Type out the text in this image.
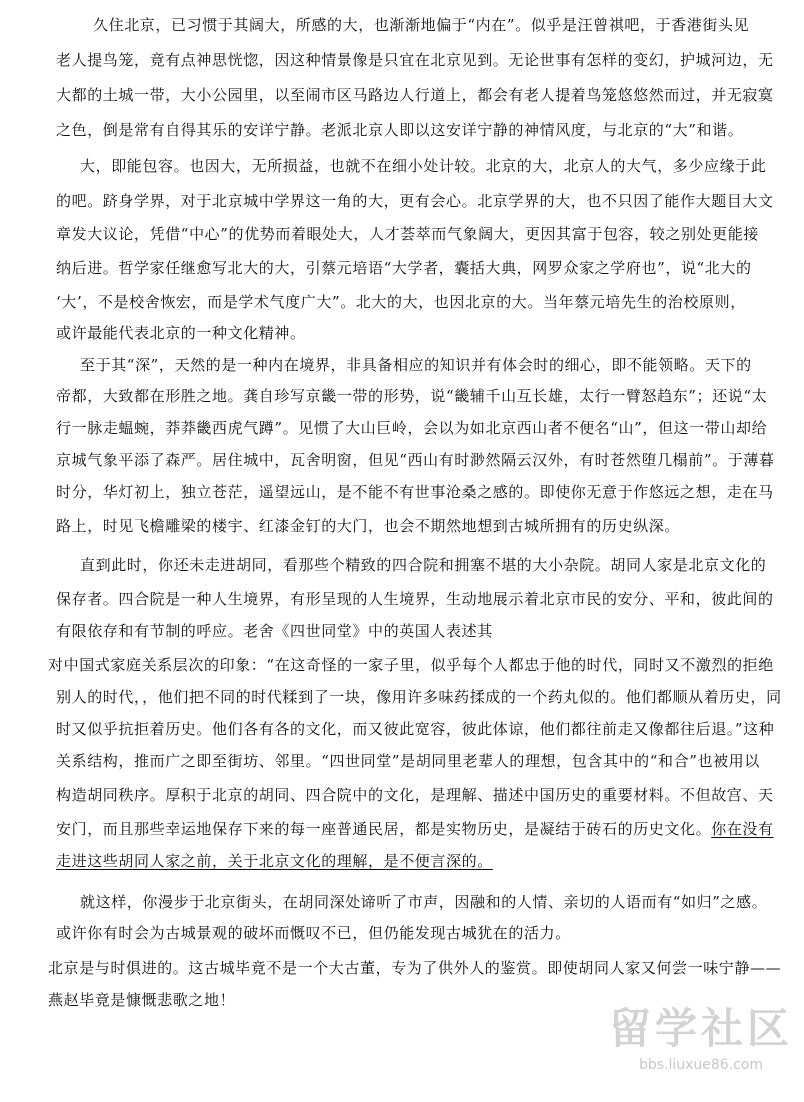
久住北京，已习惯于其阔大，所感的大，也渐渐地偏于“内在”。似乎是汪曾祺吧，于香港街头见
老人提鸟笼，竟有点神思恍惚，因这种情景像是只宜在北京见到。无论世事有怎样的变幻，护城河边，无
大都的土城一带，大小公园里，以至闹市区马路边人行道上，都会有老人提着鸟笼悠悠然而过，并无寂寞
之色，倒是常有自得其乐的安详宁静。老派北京人即以这安详宁静的神情风度，与北京的“大”和谐。
大，即能包容。也因大，无所损益，也就不在细小处计较。北京的大，北京人的大气，多少应缘于此
的吧。跻身学界，对于北京城中学界这一角的大，更有会心。北京学界的大，也不只因了能作大题目大文
章发大议论，凭借“中心”的优势而着眼处大，人才荟萃而气象阔大，更因其富于包容，较之别处更能接
纳后进。哲学家任继愈写北大的大，引蔡元培语“大学者，囊括大典，网罗众家之学府也”，说“北大的
‘大’，不是校舍恢宏，而是学术气度广大”。北大的大，也因北京的大。当年蔡元培先生的治校原则，
或许最能代表北京的一种文化精神。
至于其“深”，天然的是一种内在境界，非具备相应的知识并有体会时的细心，即不能领略。天下的
帝都，大致都在形胜之地。龚自珍写京畿一带的形势，说“畿辅千山互长雄，太行一臂怒趋东”；还说“太
行一脉走蝹蜿，莽莽畿西虎气蹲”。见惯了大山巨岭，会以为如北京西山者不便名“山”，但这一带山却给
京城气象平添了森严。居住城中，瓦舍明窗，但见“西山有时渺然隔云汉外，有时苍然堕几榻前”。于薄暮
时分，华灯初上，独立苍茫，遥望远山，是不能不有世事沧桑之感的。即使你无意于作悠远之想，走在马
路上，时见飞檐雕梁的楼宇、红漆金钉的大门，也会不期然地想到古城所拥有的历史纵深。
直到此时，你还未走进胡同，看那些个精致的四合院和拥塞不堪的大小杂院。胡同人家是北京文化的
保存者。四合院是一种人生境界，有形呈现的人生境界，生动地展示着北京市民的安分、平和，彼此间的
有限依存和有节制的呼应。老舍《四世同堂》中的英国人表述其
对中国式家庭关系层次的印象：“在这奇怪的一家子里，似乎每个人都忠于他的时代，同时又不激烈的拒绝
别人的时代，，他们把不同的时代糅到了一块，像用许多味药揉成的一个药丸似的。他们都顺从着历史，同
时又似乎抗拒着历史。他们各有各的文化，而又彼此宽容，彼此体谅，他们都往前走又像都往后退。”这种
关系结构，推而广之即至街坊、邻里。“四世同堂”是胡同里老辈人的理想，包含其中的“和合”也被用以
构造胡同秩序。厚积于北京的胡同、四合院中的文化，是理解、描述中国历史的重要材料。不但故宫、天
安门，而且那些幸运地保存下来的每一座普通民居，都是实物历史，是凝结于砖石的历史文化。你在没有
走进这些胡同人家之前，关于北京文化的理解，是不便言深的。
就这样，你漫步于北京街头，在胡同深处谛听了市声，因融和的人情、亲切的人语而有“如归”之感。
或许你有时会为古城景观的破坏而慨叹不已，但仍能发现古城犹在的活力。
北京是与时俱进的。这古城毕竟不是一个大古董，专为了供外人的鉴赏。即使胡同人家又何尝一味宁静——
燕赵毕竟是慷慨悲歌之地！
留学社区
bbs.liuxue86.com
